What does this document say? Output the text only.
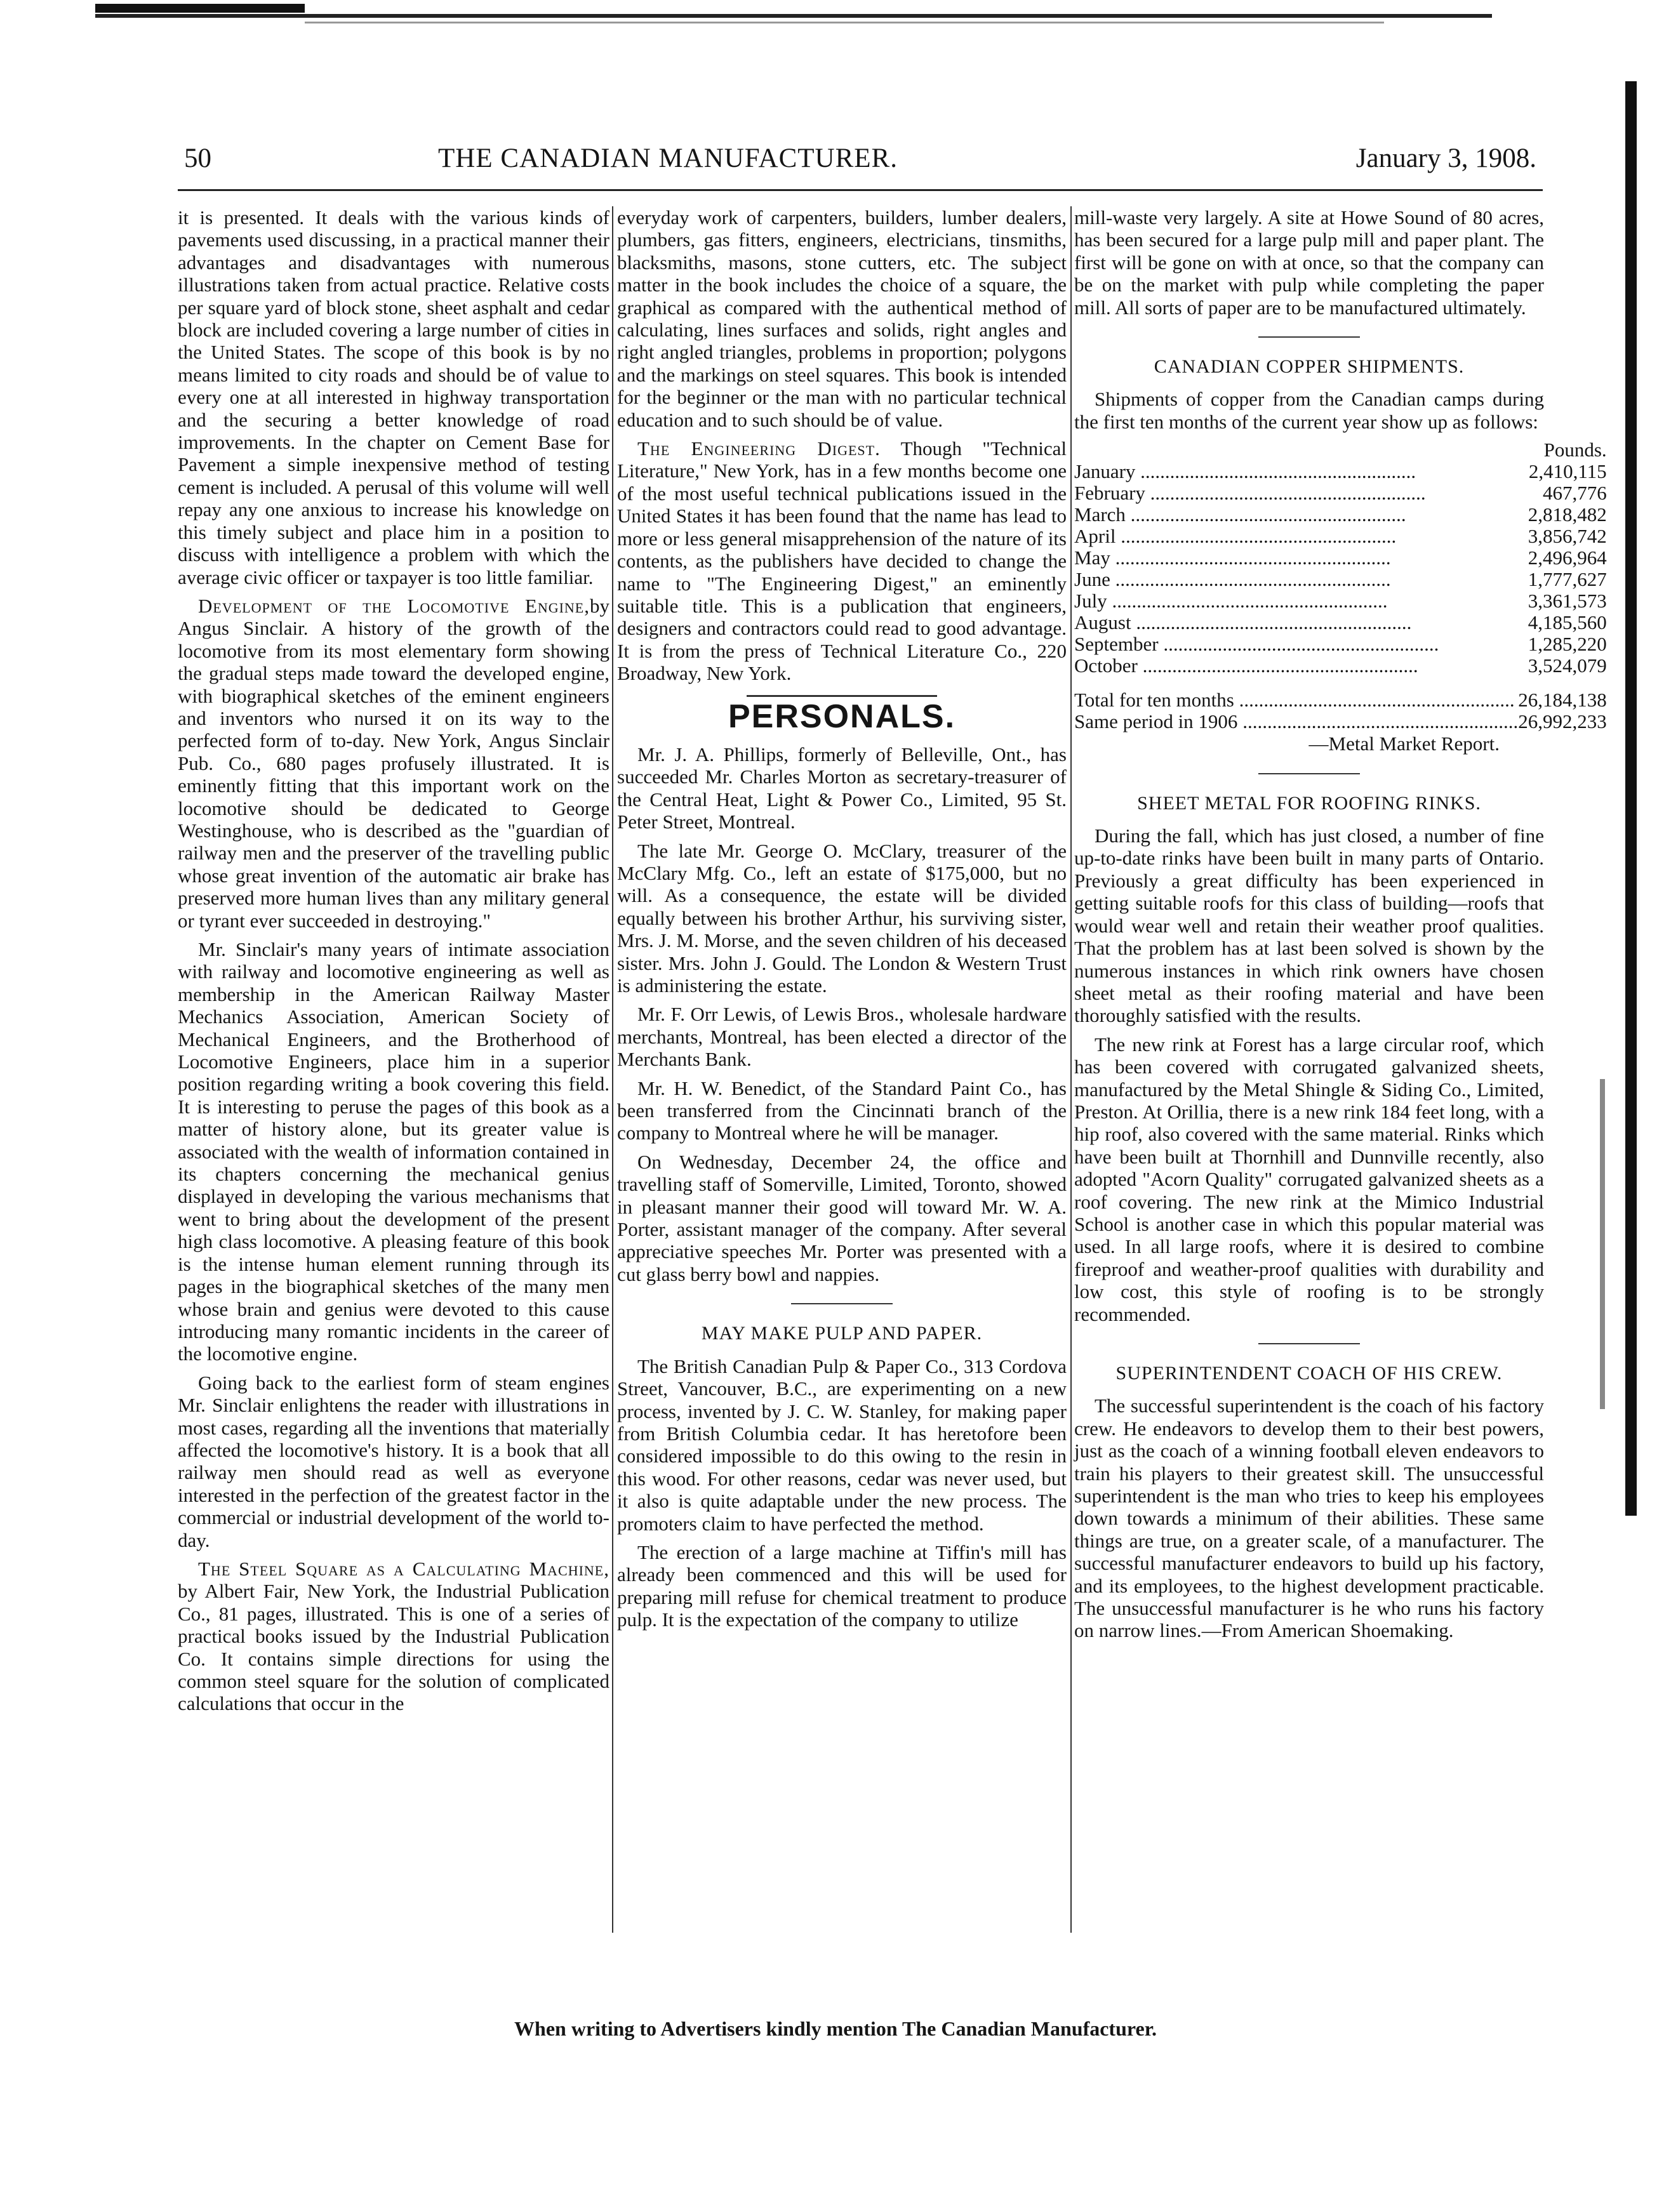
50	THE CANADIAN MANUFACTURER.	January 3, 1908.

it is presented. It deals with the various kinds of pavements used discussing, in a practical manner their advantages and disadvantages with numerous illustrations taken from actual practice. Relative costs per square yard of block stone, sheet asphalt and cedar block are included covering a large number of cities in the United States. The scope of this book is by no means limited to city roads and should be of value to every one at all interested in highway transportation and the securing a better knowledge of road improvements. In the chapter on Cement Base for Pavement a simple inexpensive method of testing cement is included. A perusal of this volume will well repay any one anxious to increase his knowledge on this timely subject and place him in a position to discuss with intelligence a problem with which the average civic officer or taxpayer is too little familiar.

Development of the Locomotive Engine,by Angus Sinclair. A history of the growth of the locomotive from its most elementary form showing the gradual steps made toward the developed engine, with biographical sketches of the eminent engineers and inventors who nursed it on its way to the perfected form of to-day. New York, Angus Sinclair Pub. Co., 680 pages profusely illustrated. It is eminently fitting that this important work on the locomotive should be dedicated to George Westinghouse, who is described as the "guardian of railway men and the preserver of the travelling public whose great invention of the automatic air brake has preserved more human lives than any military general or tyrant ever succeeded in destroying."

Mr. Sinclair's many years of intimate association with railway and locomotive engineering as well as membership in the American Railway Master Mechanics Association, American Society of Mechanical Engineers, and the Brotherhood of Locomotive Engineers, place him in a superior position regarding writing a book covering this field. It is interesting to peruse the pages of this book as a matter of history alone, but its greater value is associated with the wealth of information contained in its chapters concerning the mechanical genius displayed in developing the various mechanisms that went to bring about the development of the present high class locomotive. A pleasing feature of this book is the intense human element running through its pages in the biographical sketches of the many men whose brain and genius were devoted to this cause introducing many romantic incidents in the career of the locomotive engine.

Going back to the earliest form of steam engines Mr. Sinclair enlightens the reader with illustrations in most cases, regarding all the inventions that materially affected the locomotive's history. It is a book that all railway men should read as well as everyone interested in the perfection of the greatest factor in the commercial or industrial development of the world to-day.

The Steel Square as a Calculating Machine, by Albert Fair, New York, the Industrial Publication Co., 81 pages, illustrated. This is one of a series of practical books issued by the Industrial Publication Co. It contains simple directions for using the common steel square for the solution of complicated calculations that occur in the

everyday work of carpenters, builders, lumber dealers, plumbers, gas fitters, engineers, electricians, tinsmiths, blacksmiths, masons, stone cutters, etc. The subject matter in the book includes the choice of a square, the graphical as compared with the authentical method of calculating, lines surfaces and solids, right angles and right angled triangles, problems in proportion; polygons and the markings on steel squares. This book is intended for the beginner or the man with no particular technical education and to such should be of value.

The Engineering Digest. Though "Technical Literature," New York, has in a few months become one of the most useful technical publications issued in the United States it has been found that the name has lead to more or less general misapprehension of the nature of its contents, as the publishers have decided to change the name to "The Engineering Digest," an eminently suitable title. This is a publication that engineers, designers and contractors could read to good advantage. It is from the press of Technical Literature Co., 220 Broadway, New York.

PERSONALS.

Mr. J. A. Phillips, formerly of Belleville, Ont., has succeeded Mr. Charles Morton as secretary-treasurer of the Central Heat, Light & Power Co., Limited, 95 St. Peter Street, Montreal.

The late Mr. George O. McClary, treasurer of the McClary Mfg. Co., left an estate of $175,000, but no will. As a consequence, the estate will be divided equally between his brother Arthur, his surviving sister, Mrs. J. M. Morse, and the seven children of his deceased sister. Mrs. John J. Gould. The London & Western Trust is administering the estate.

Mr. F. Orr Lewis, of Lewis Bros., wholesale hardware merchants, Montreal, has been elected a director of the Merchants Bank.

Mr. H. W. Benedict, of the Standard Paint Co., has been transferred from the Cincinnati branch of the company to Montreal where he will be manager.

On Wednesday, December 24, the office and travelling staff of Somerville, Limited, Toronto, showed in pleasant manner their good will toward Mr. W. A. Porter, assistant manager of the company. After several appreciative speeches Mr. Porter was presented with a cut glass berry bowl and nappies.

MAY MAKE PULP AND PAPER.

The British Canadian Pulp & Paper Co., 313 Cordova Street, Vancouver, B.C., are experimenting on a new process, invented by J. C. W. Stanley, for making paper from British Columbia cedar. It has heretofore been considered impossible to do this owing to the resin in this wood. For other reasons, cedar was never used, but it also is quite adaptable under the new process. The promoters claim to have perfected the method.

The erection of a large machine at Tiffin's mill has already been commenced and this will be used for preparing mill refuse for chemical treatment to produce pulp. It is the expectation of the company to utilize

mill-waste very largely. A site at Howe Sound of 80 acres, has been secured for a large pulp mill and paper plant. The first will be gone on with at once, so that the company can be on the market with pulp while completing the paper mill. All sorts of paper are to be manufactured ultimately.

CANADIAN COPPER SHIPMENTS.

Shipments of copper from the Canadian camps during the first ten months of the current year show up as follows:

	Pounds.
January .....	2,410,115
February .....	467,776
March .....	2,818,482
April .....	3,856,742
May .....	2,496,964
June .....	1,777,627
July .....	3,361,573
August .....	4,185,560
September .....	1,285,220
October .....	3,524,079

Total for ten months .....	26,184,138
Same period in 1906 .....	26,992,233

—Metal Market Report.

SHEET METAL FOR ROOFING RINKS.

During the fall, which has just closed, a number of fine up-to-date rinks have been built in many parts of Ontario. Previously a great difficulty has been experienced in getting suitable roofs for this class of building—roofs that would wear well and retain their weather proof qualities. That the problem has at last been solved is shown by the numerous instances in which rink owners have chosen sheet metal as their roofing material and have been thoroughly satisfied with the results.

The new rink at Forest has a large circular roof, which has been covered with corrugated galvanized sheets, manufactured by the Metal Shingle & Siding Co., Limited, Preston. At Orillia, there is a new rink 184 feet long, with a hip roof, also covered with the same material. Rinks which have been built at Thornhill and Dunnville recently, also adopted "Acorn Quality" corrugated galvanized sheets as a roof covering. The new rink at the Mimico Industrial School is another case in which this popular material was used. In all large roofs, where it is desired to combine fireproof and weather-proof qualities with durability and low cost, this style of roofing is to be strongly recommended.

SUPERINTENDENT COACH OF HIS CREW.

The successful superintendent is the coach of his factory crew. He endeavors to develop them to their best powers, just as the coach of a winning football eleven endeavors to train his players to their greatest skill. The unsuccessful superintendent is the man who tries to keep his employees down towards a minimum of their abilities. These same things are true, on a greater scale, of a manufacturer. The successful manufacturer endeavors to build up his factory, and its employees, to the highest development practicable. The unsuccessful manufacturer is he who runs his factory on narrow lines.—From American Shoemaking.

When writing to Advertisers kindly mention The Canadian Manufacturer.
